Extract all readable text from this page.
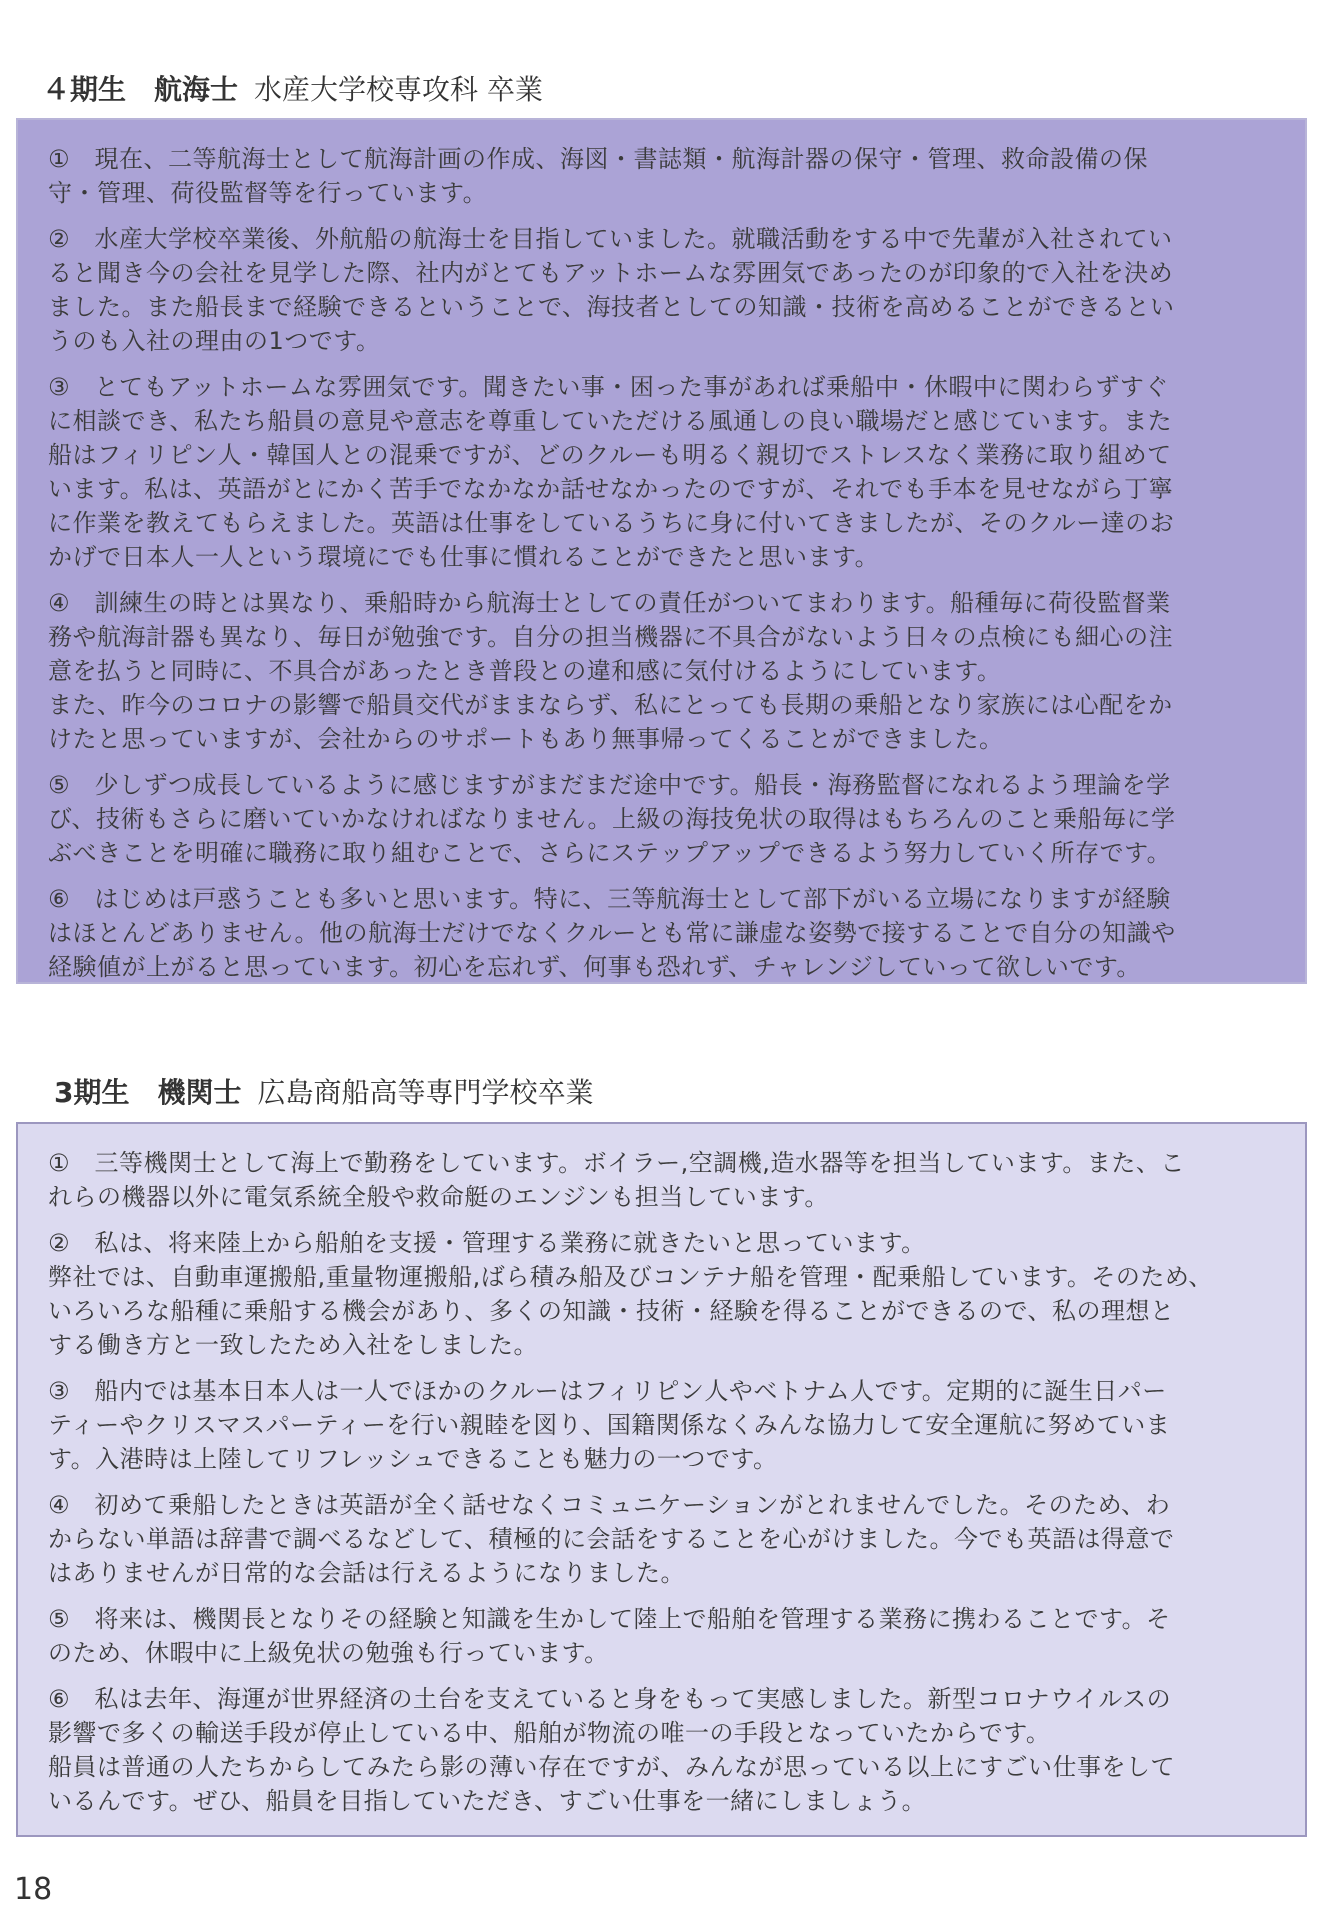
４期生　航海士 水産大学校専攻科 卒業
①　現在、二等航海士として航海計画の作成、海図・書誌類・航海計器の保守・管理、救命設備の保
守・管理、荷役監督等を行っています。
②　水産大学校卒業後、外航船の航海士を目指していました。就職活動をする中で先輩が入社されてい
ると聞き今の会社を見学した際、社内がとてもアットホームな雰囲気であったのが印象的で入社を決め
ました。また船長まで経験できるということで、海技者としての知識・技術を高めることができるとい
うのも入社の理由の1つです。
③　とてもアットホームな雰囲気です。聞きたい事・困った事があれば乗船中・休暇中に関わらずすぐ
に相談でき、私たち船員の意見や意志を尊重していただける風通しの良い職場だと感じています。また
船はフィリピン人・韓国人との混乗ですが、どのクルーも明るく親切でストレスなく業務に取り組めて
います。私は、英語がとにかく苦手でなかなか話せなかったのですが、それでも手本を見せながら丁寧
に作業を教えてもらえました。英語は仕事をしているうちに身に付いてきましたが、そのクルー達のお
かげで日本人一人という環境にでも仕事に慣れることができたと思います。
④　訓練生の時とは異なり、乗船時から航海士としての責任がついてまわります。船種毎に荷役監督業
務や航海計器も異なり、毎日が勉強です。自分の担当機器に不具合がないよう日々の点検にも細心の注
意を払うと同時に、不具合があったとき普段との違和感に気付けるようにしています。
また、昨今のコロナの影響で船員交代がままならず、私にとっても長期の乗船となり家族には心配をか
けたと思っていますが、会社からのサポートもあり無事帰ってくることができました。
⑤　少しずつ成長しているように感じますがまだまだ途中です。船長・海務監督になれるよう理論を学
び、技術もさらに磨いていかなければなりません。上級の海技免状の取得はもちろんのこと乗船毎に学
ぶべきことを明確に職務に取り組むことで、さらにステップアップできるよう努力していく所存です。
⑥　はじめは戸惑うことも多いと思います。特に、三等航海士として部下がいる立場になりますが経験
はほとんどありません。他の航海士だけでなくクルーとも常に謙虚な姿勢で接することで自分の知識や
経験値が上がると思っています。初心を忘れず、何事も恐れず、チャレンジしていって欲しいです。
3期生　機関士 広島商船高等専門学校卒業
①　三等機関士として海上で勤務をしています。ボイラー,空調機,造水器等を担当しています。また、こ
れらの機器以外に電気系統全般や救命艇のエンジンも担当しています。
②　私は、将来陸上から船舶を支援・管理する業務に就きたいと思っています。
弊社では、自動車運搬船,重量物運搬船,ばら積み船及びコンテナ船を管理・配乗船しています。そのため、
いろいろな船種に乗船する機会があり、多くの知識・技術・経験を得ることができるので、私の理想と
する働き方と一致したため入社をしました。
③　船内では基本日本人は一人でほかのクルーはフィリピン人やベトナム人です。定期的に誕生日パー
ティーやクリスマスパーティーを行い親睦を図り、国籍関係なくみんな協力して安全運航に努めていま
す。入港時は上陸してリフレッシュできることも魅力の一つです。
④　初めて乗船したときは英語が全く話せなくコミュニケーションがとれませんでした。そのため、わ
からない単語は辞書で調べるなどして、積極的に会話をすることを心がけました。今でも英語は得意で
はありませんが日常的な会話は行えるようになりました。
⑤　将来は、機関長となりその経験と知識を生かして陸上で船舶を管理する業務に携わることです。そ
のため、休暇中に上級免状の勉強も行っています。
⑥　私は去年、海運が世界経済の土台を支えていると身をもって実感しました。新型コロナウイルスの
影響で多くの輸送手段が停止している中、船舶が物流の唯一の手段となっていたからです。
船員は普通の人たちからしてみたら影の薄い存在ですが、みんなが思っている以上にすごい仕事をして
いるんです。ぜひ、船員を目指していただき、すごい仕事を一緒にしましょう。
18
